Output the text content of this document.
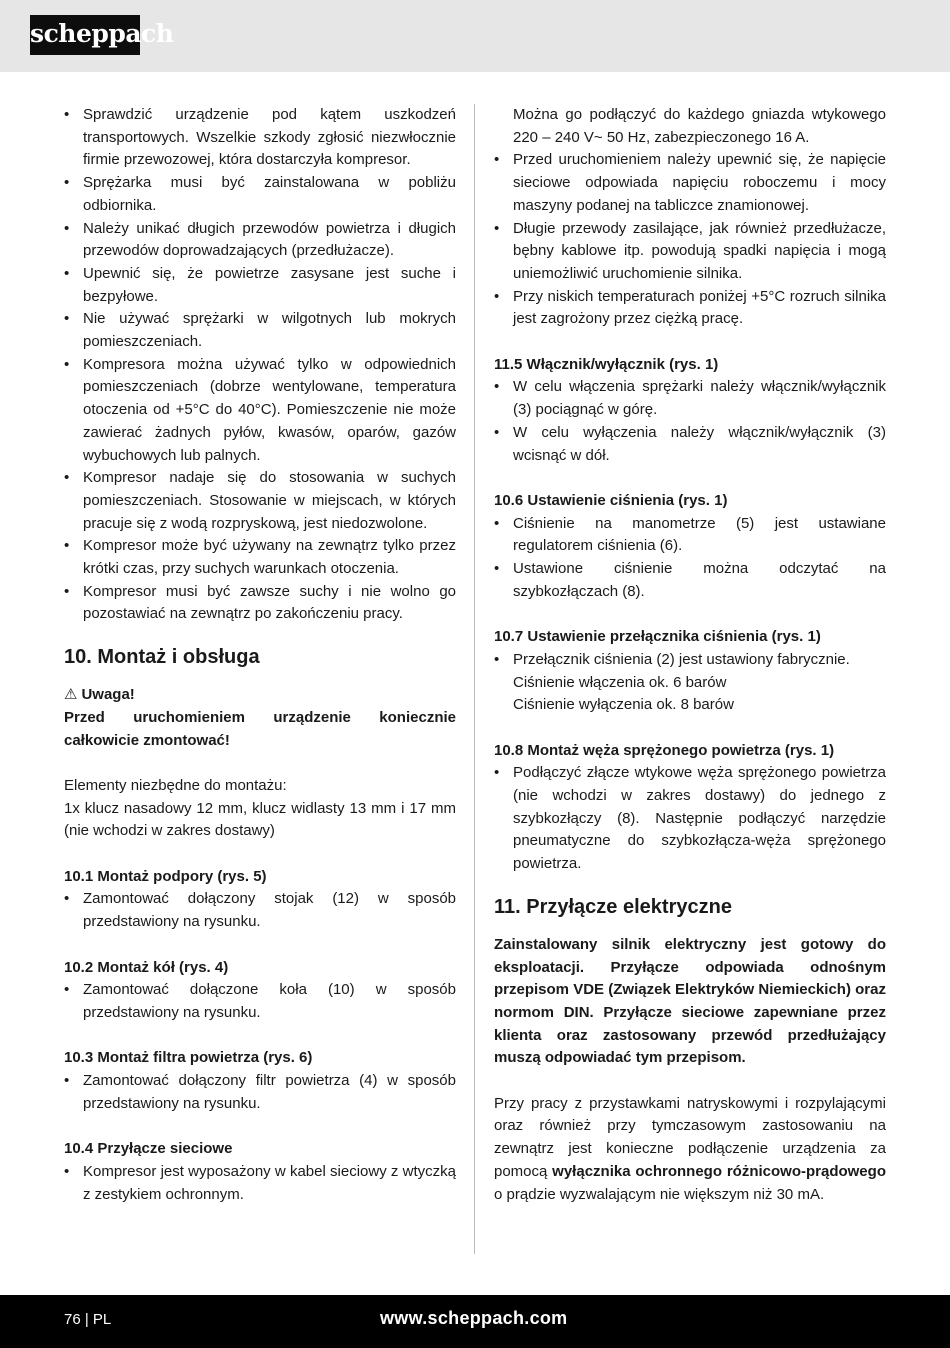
scheppach
• Sprawdzić urządzenie pod kątem uszkodzeń transportowych. Wszelkie szkody zgłosić niezwłocznie firmie przewozowej, która dostarczyła kompresor.
• Sprężarka musi być zainstalowana w pobliżu odbiornika.
• Należy unikać długich przewodów powietrza i długich przewodów doprowadzających (przedłużacze).
• Upewnić się, że powietrze zasysane jest suche i bezpyłowe.
• Nie używać sprężarki w wilgotnych lub mokrych pomieszczeniach.
• Kompresora można używać tylko w odpowiednich pomieszczeniach (dobrze wentylowane, temperatura otoczenia od +5°C do 40°C). Pomieszczenie nie może zawierać żadnych pyłów, kwasów, oparów, gazów wybuchowych lub palnych.
• Kompresor nadaje się do stosowania w suchych pomieszczeniach. Stosowanie w miejscach, w których pracuje się z wodą rozpryskową, jest niedozwolone.
• Kompresor może być używany na zewnątrz tylko przez krótki czas, przy suchych warunkach otoczenia.
• Kompresor musi być zawsze suchy i nie wolno go pozostawiać na zewnątrz po zakończeniu pracy.
10. Montaż i obsługa

⚠ Uwaga!

Przed uruchomieniem urządzenie koniecznie całkowicie zmontować!

Elementy niezbędne do montażu:

1x klucz nasadowy 12 mm, klucz widlasty 13 mm i 17 mm (nie wchodzi w zakres dostawy)

10.1 Montaż podpory (rys. 5)

• Zamontować dołączony stojak (12) w sposób przedstawiony na rysunku.

10.2 Montaż kół (rys. 4)

• Zamontować dołączone koła (10) w sposób przedstawiony na rysunku.

10.3 Montaż filtra powietrza (rys. 6)

• Zamontować dołączony filtr powietrza (4) w sposób przedstawiony na rysunku.

10.4 Przyłącze sieciowe

• Kompresor jest wyposażony w kabel sieciowy z wtyczką z zestykiem ochronnym.

Można go podłączyć do każdego gniazda wtykowego 220 – 240 V~ 50 Hz, zabezpieczonego 16 A.

• Przed uruchomieniem należy upewnić się, że napięcie sieciowe odpowiada napięciu roboczemu i mocy maszyny podanej na tabliczce znamionowej.
• Długie przewody zasilające, jak również przedłużacze, bębny kablowe itp. powodują spadki napięcia i mogą uniemożliwić uruchomienie silnika.
• Przy niskich temperaturach poniżej +5°C rozruch silnika jest zagrożony przez ciężką pracę.

11.5 Włącznik/wyłącznik (rys. 1)

• W celu włączenia sprężarki należy włącznik/wyłącznik (3) pociągnąć w górę.
• W celu wyłączenia należy włącznik/wyłącznik (3) wcisnąć w dół.

10.6 Ustawienie ciśnienia (rys. 1)

• Ciśnienie na manometrze (5) jest ustawiane regulatorem ciśnienia (6).
• Ustawione ciśnienie można odczytać na szybkozłączach (8).

10.7 Ustawienie przełącznika ciśnienia (rys. 1)

• Przełącznik ciśnienia (2) jest ustawiony fabrycznie.

Ciśnienie włączenia ok. 6 barów

Ciśnienie wyłączenia ok. 8 barów

10.8 Montaż węża sprężonego powietrza (rys. 1)

• Podłączyć złącze wtykowe węża sprężonego powietrza (nie wchodzi w zakres dostawy) do jednego z szybkozłączy (8). Następnie podłączyć narzędzie pneumatyczne do szybkozłącza-węża sprężonego powietrza.
11. Przyłącze elektryczne

Zainstalowany silnik elektryczny jest gotowy do eksploatacji. Przyłącze odpowiada odnośnym przepisom VDE (Związek Elektryków Niemieckich) oraz normom DIN. Przyłącze sieciowe zapewniane przez klienta oraz zastosowany przewód przedłużający muszą odpowiadać tym przepisom.

Przy pracy z przystawkami natryskowymi i rozpylającymi oraz również przy tymczasowym zastosowaniu na zewnątrz jest konieczne podłączenie urządzenia za pomocą wyłącznika ochronnego różnicowo-prądowego o prądzie wyzwalającym nie większym niż 30 mA.

76 | PL	www.scheppach.com
